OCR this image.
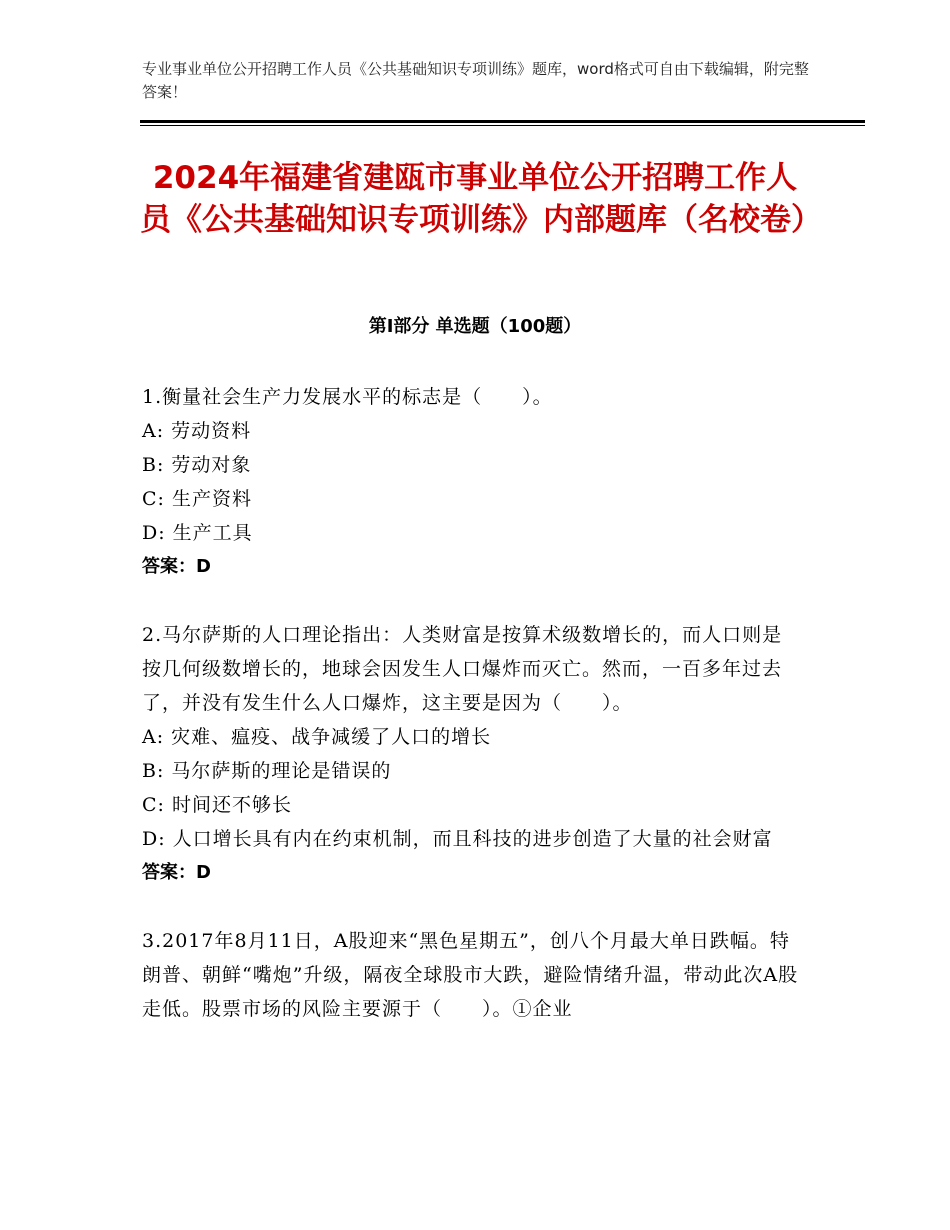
专业事业单位公开招聘工作人员《公共基础知识专项训练》题库，word格式可自由下载编辑，附完整答案！
2024年福建省建瓯市事业单位公开招聘工作人员《公共基础知识专项训练》内部题库（名校卷）
第Ⅰ部分 单选题（100题）
1.衡量社会生产力发展水平的标志是（　　）。
A: 劳动资料
B: 劳动对象
C: 生产资料
D: 生产工具
答案：D
2.马尔萨斯的人口理论指出：人类财富是按算术级数增长的，而人口则是按几何级数增长的，地球会因发生人口爆炸而灭亡。然而，一百多年过去了，并没有发生什么人口爆炸，这主要是因为（　　）。
A: 灾难、瘟疫、战争减缓了人口的增长
B: 马尔萨斯的理论是错误的
C: 时间还不够长
D: 人口增长具有内在约束机制，而且科技的进步创造了大量的社会财富
答案：D
3.2017年8月11日，A股迎来“黑色星期五”，创八个月最大单日跌幅。特朗普、朝鲜“嘴炮”升级，隔夜全球股市大跌，避险情绪升温，带动此次A股走低。股票市场的风险主要源于（　　）。①企业
